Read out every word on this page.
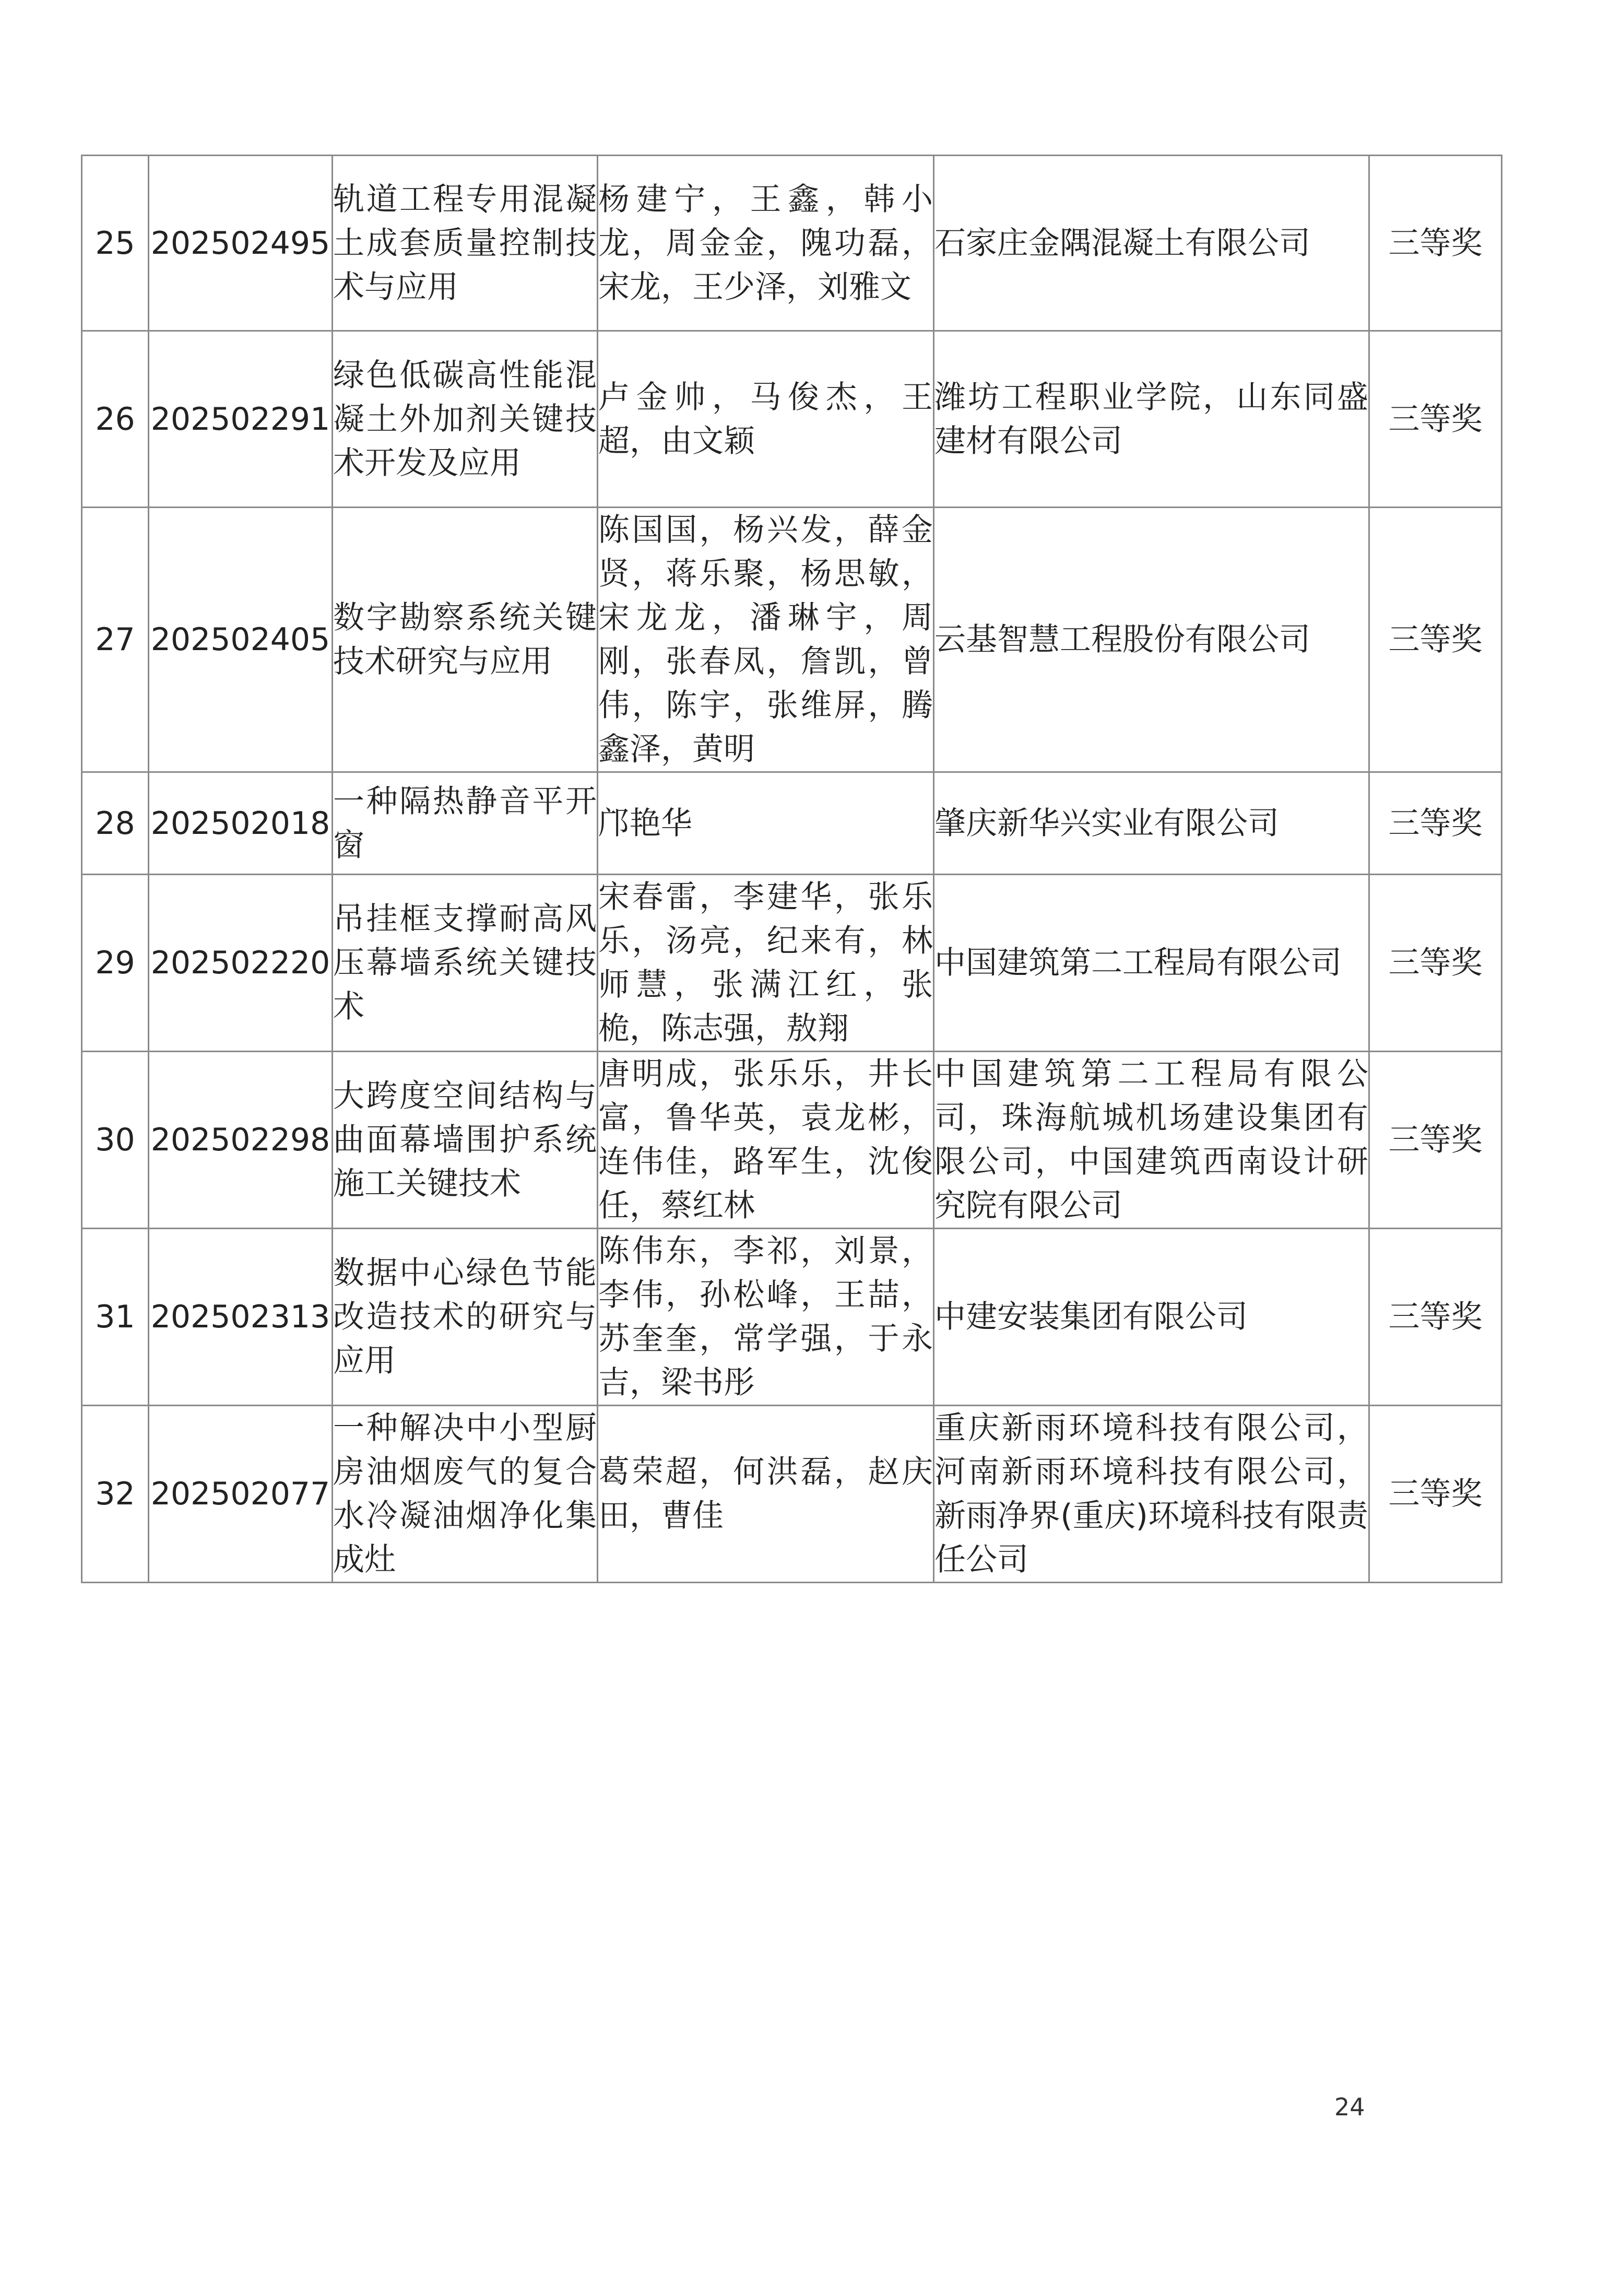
25	202502495	轨道工程专用混凝土成套质量控制技术与应用	杨建宁，王鑫，韩小龙，周金金，隗功磊，宋龙，王少泽，刘雅文	石家庄金隅混凝土有限公司	三等奖
26	202502291	绿色低碳高性能混凝土外加剂关键技术开发及应用	卢金帅，马俊杰，王超，由文颖	潍坊工程职业学院，山东同盛建材有限公司	三等奖
27	202502405	数字勘察系统关键技术研究与应用	陈国国，杨兴发，薛金贤，蒋乐聚，杨思敏，宋龙龙，潘琳宇，周刚，张春凤，詹凯，曾伟，陈宇，张维屏，腾鑫泽，黄明	云基智慧工程股份有限公司	三等奖
28	202502018	一种隔热静音平开窗	邝艳华	肇庆新华兴实业有限公司	三等奖
29	202502220	吊挂框支撑耐高风压幕墙系统关键技术	宋春雷，李建华，张乐乐，汤亮，纪来有，林师慧，张满江红，张桅，陈志强，敖翔	中国建筑第二工程局有限公司	三等奖
30	202502298	大跨度空间结构与曲面幕墙围护系统施工关键技术	唐明成，张乐乐，井长富，鲁华英，袁龙彬，连伟佳，路军生，沈俊任，蔡红林	中国建筑第二工程局有限公司，珠海航城机场建设集团有限公司，中国建筑西南设计研究院有限公司	三等奖
31	202502313	数据中心绿色节能改造技术的研究与应用	陈伟东，李祁，刘景，李伟，孙松峰，王喆，苏奎奎，常学强，于永吉，梁书彤	中建安装集团有限公司	三等奖
32	202502077	一种解决中小型厨房油烟废气的复合水冷凝油烟净化集成灶	葛荣超，何洪磊，赵庆田，曹佳	重庆新雨环境科技有限公司，河南新雨环境科技有限公司，新雨净界(重庆)环境科技有限责任公司	三等奖
24
